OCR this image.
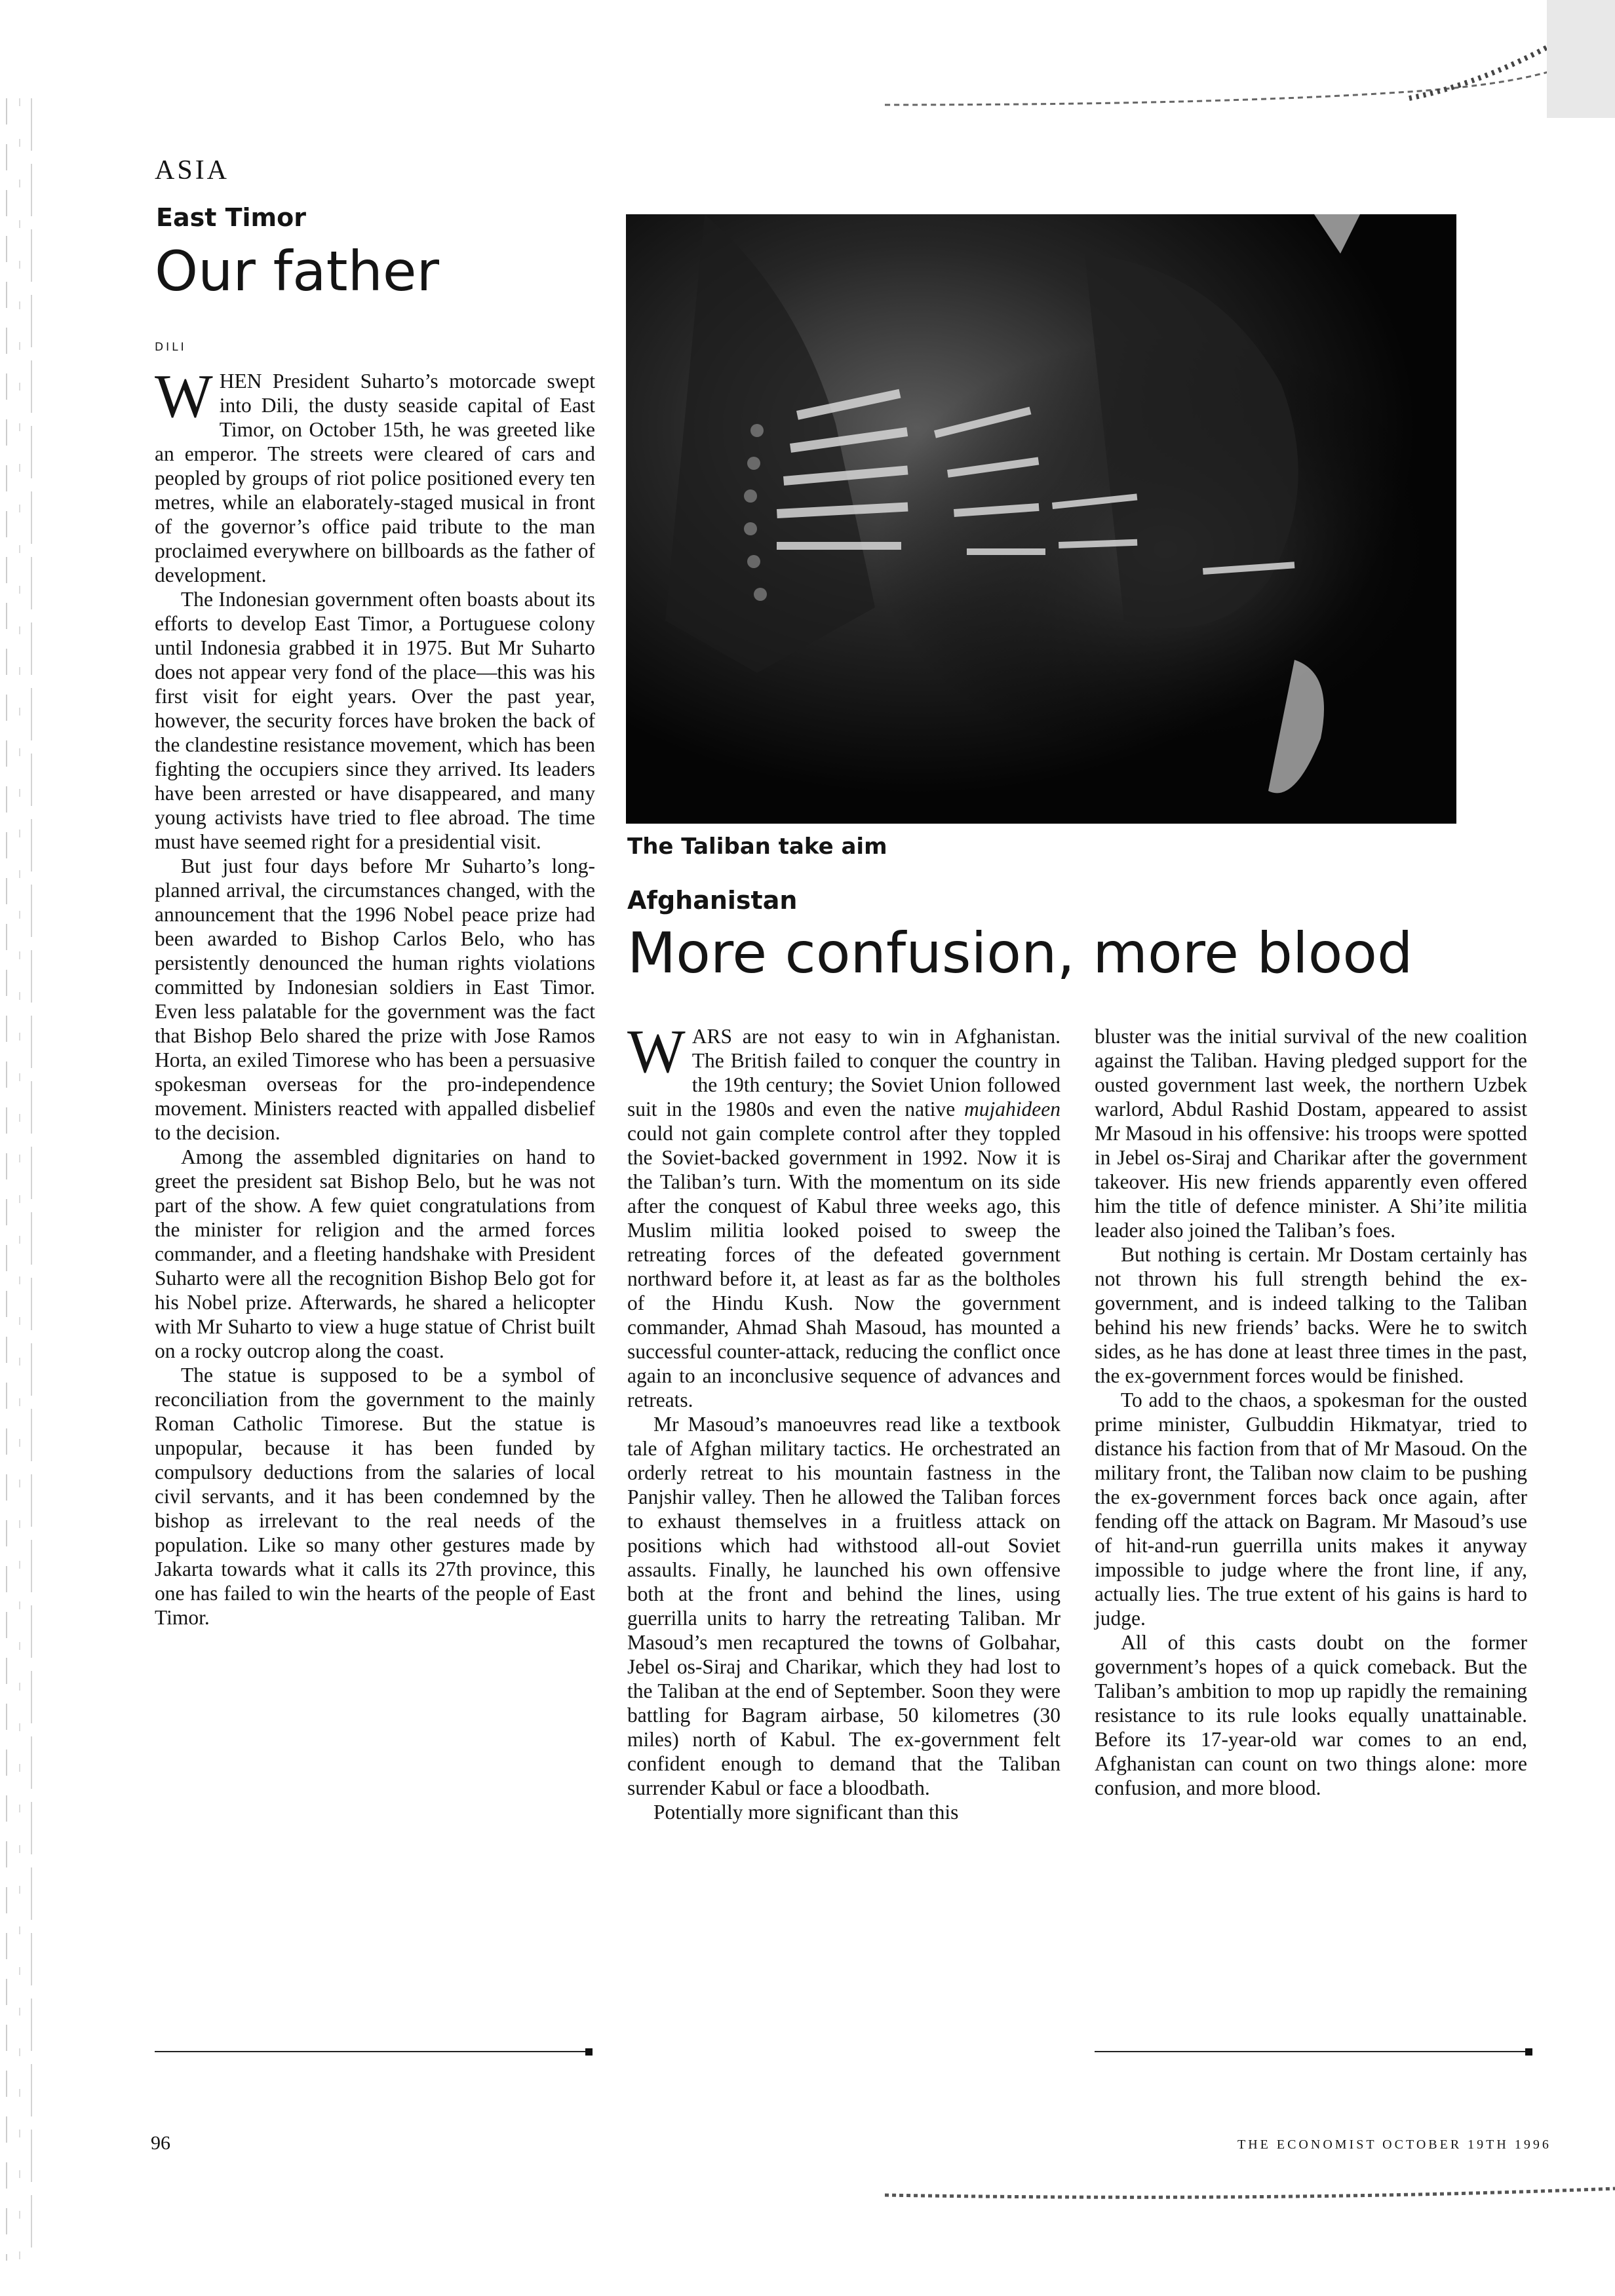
ASIA
East Timor
Our father
DILI

WHEN President Suharto’s motorcade swept into Dili, the dusty seaside capital of East Timor, on October 15th, he was greeted like an emperor. The streets were cleared of cars and peopled by groups of riot police positioned every ten metres, while an elaborately-staged musical in front of the governor’s office paid tribute to the man proclaimed everywhere on billboards as the father of development.

The Indonesian government often boasts about its efforts to develop East Timor, a Portuguese colony until Indonesia grabbed it in 1975. But Mr Suharto does not appear very fond of the place—this was his first visit for eight years. Over the past year, however, the security forces have broken the back of the clandestine resistance movement, which has been fighting the occupiers since they arrived. Its leaders have been arrested or have disappeared, and many young activists have tried to flee abroad. The time must have seemed right for a presidential visit.

But just four days before Mr Suharto’s long-planned arrival, the circumstances changed, with the announcement that the 1996 Nobel peace prize had been awarded to Bishop Carlos Belo, who has persistently denounced the human rights violations committed by Indonesian soldiers in East Timor. Even less palatable for the government was the fact that Bishop Belo shared the prize with Jose Ramos Horta, an exiled Timorese who has been a persuasive spokesman overseas for the pro-independence movement. Ministers reacted with appalled disbelief to the decision.

Among the assembled dignitaries on hand to greet the president sat Bishop Belo, but he was not part of the show. A few quiet congratulations from the minister for religion and the armed forces commander, and a fleeting handshake with President Suharto were all the recognition Bishop Belo got for his Nobel prize. Afterwards, he shared a helicopter with Mr Suharto to view a huge statue of Christ built on a rocky outcrop along the coast.

The statue is supposed to be a symbol of reconciliation from the government to the mainly Roman Catholic Timorese. But the statue is unpopular, because it has been funded by compulsory deductions from the salaries of local civil servants, and it has been condemned by the bishop as irrelevant to the real needs of the population. Like so many other gestures made by Jakarta towards what it calls its 27th province, this one has failed to win the hearts of the people of East Timor.

The Taliban take aim
Afghanistan
More confusion, more blood

WARS are not easy to win in Afghanistan. The British failed to conquer the country in the 19th century; the Soviet Union followed suit in the 1980s and even the native mujahideen could not gain complete control after they toppled the Soviet-backed government in 1992. Now it is the Taliban’s turn. With the momentum on its side after the conquest of Kabul three weeks ago, this Muslim militia looked poised to sweep the retreating forces of the defeated government northward before it, at least as far as the boltholes of the Hindu Kush. Now the government commander, Ahmad Shah Masoud, has mounted a successful counter-attack, reducing the conflict once again to an inconclusive sequence of advances and retreats.

Mr Masoud’s manoeuvres read like a textbook tale of Afghan military tactics. He orchestrated an orderly retreat to his mountain fastness in the Panjshir valley. Then he allowed the Taliban forces to exhaust themselves in a fruitless attack on positions which had withstood all-out Soviet assaults. Finally, he launched his own offensive both at the front and behind the lines, using guerrilla units to harry the retreating Taliban. Mr Masoud’s men recaptured the towns of Golbahar, Jebel os-Siraj and Charikar, which they had lost to the Taliban at the end of September. Soon they were battling for Bagram airbase, 50 kilometres (30 miles) north of Kabul. The ex-government felt confident enough to demand that the Taliban surrender Kabul or face a bloodbath.

Potentially more significant than this

bluster was the initial survival of the new coalition against the Taliban. Having pledged support for the ousted government last week, the northern Uzbek warlord, Abdul Rashid Dostam, appeared to assist Mr Masoud in his offensive: his troops were spotted in Jebel os-Siraj and Charikar after the government takeover. His new friends apparently even offered him the title of defence minister. A Shi’ite militia leader also joined the Taliban’s foes.

But nothing is certain. Mr Dostam certainly has not thrown his full strength behind the ex-government, and is indeed talking to the Taliban behind his new friends’ backs. Were he to switch sides, as he has done at least three times in the past, the ex-government forces would be finished.

To add to the chaos, a spokesman for the ousted prime minister, Gulbuddin Hikmatyar, tried to distance his faction from that of Mr Masoud. On the military front, the Taliban now claim to be pushing the ex-government forces back once again, after fending off the attack on Bagram. Mr Masoud’s use of hit-and-run guerrilla units makes it anyway impossible to judge where the front line, if any, actually lies. The true extent of his gains is hard to judge.

All of this casts doubt on the former government’s hopes of a quick comeback. But the Taliban’s ambition to mop up rapidly the remaining resistance to its rule looks equally unattainable. Before its 17-year-old war comes to an end, Afghanistan can count on two things alone: more confusion, and more blood.

96	THE ECONOMIST OCTOBER 19TH 1996
